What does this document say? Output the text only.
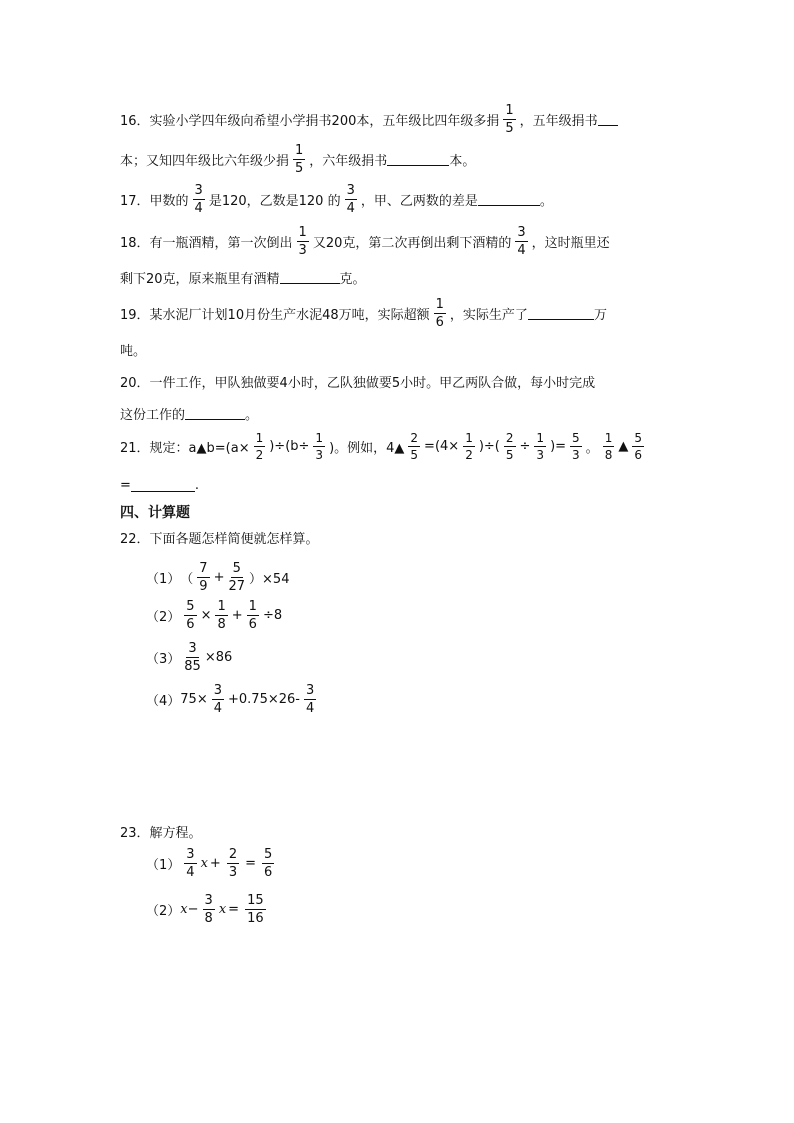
16．实验小学四年级向希望小学捐书200本，五年级比四年级多捐 $\frac{1}{5}$ ，五年级捐书
本；又知四年级比六年级少捐 $\frac{1}{5}$ ，六年级捐书	本。
17．甲数的 $\frac{3}{4}$ 是120，乙数是120 的 $\frac{3}{4}$ ，甲、乙两数的差是	。
18．有一瓶酒精，第一次倒出 $\frac{1}{3}$ 又20克，第二次再倒出剩下酒精的 $\frac{3}{4}$ ，这时瓶里还
剩下20克，原来瓶里有酒精	克。
19．某水泥厂计划10月份生产水泥48万吨，实际超额 $\frac{1}{6}$ ，实际生产了	万
吨。
20．一件工作，甲队独做要4小时，乙队独做要5小时。甲乙两队合做，每小时完成
这份工作的	。
21．规定：a▲b=(a× $\frac{1}{2} )\div(b\div \frac{1}{3}$ )。例如，4▲ $\frac{2}{5} =(4\times \frac{1}{2}$ )÷( $\frac{2}{5} \div \frac{1}{3}$ )= $\frac{5}{3}$ 。 $\frac{1}{8}$ ▲ $\frac{5}{6}$
=	.
四、计算题
22．下面各题怎样简便就怎样算。
（1） （ $\frac{7}{9} + \frac{5}{27} )\times 54$
$(2) \frac{5}{6} \times \frac{1}{8} + \frac{1}{6} \div 8$
$(3) \frac{3}{85} \times 86$
（4） $75\times \frac{3}{4} +0.75\times 26- \frac{3}{4}$
23．解方程。
$(1) \frac{3}{4}$ $x + \frac{2}{3} = \frac{5}{6}$
（2） $x - \frac{3}{8}$ $x = \frac{15}{16}$
